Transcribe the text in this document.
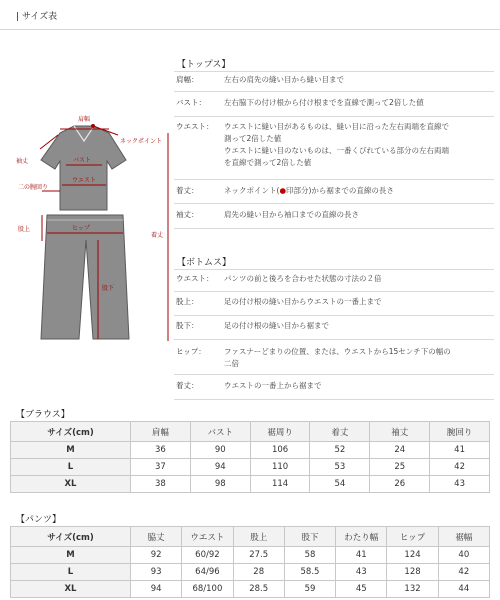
| サイズ表
肩幅
ネックポイント
袖丈	バスト
ウエスト
二の腕回り
ヒップ
股上
股下
着丈
【トップス】
肩幅：	左右の肩先の縫い目から縫い目まで
バスト： 左右脇下の付け根から付け根までを直線で測って2倍した値
ウエスト： ウエストに縫い目があるものは、縫い目に沿った左右両端を直線で
測って2倍した値
ウエストに縫い目のないものは、一番くびれている部分の左右両端
を直線で測って2倍した値
着丈：	ネックポイント(●印部分)から裾までの直線の長さ
袖丈：	肩先の縫い目から袖口までの直線の長さ
【ボトムス】
ウエスト： パンツの前と後ろを合わせた状態の寸法の２倍
股上：	足の付け根の縫い目からウエストの一番上まで
股下：	足の付け根の縫い目から裾まで
ヒップ： ファスナーどまりの位置、または、ウエストから15センチ下の幅の
二倍
着丈：	ウエストの一番上から裾まで
【ブラウス】
サイズ(cm)	肩幅	バスト	裾周り	着丈	袖丈	腕回り
M	36	90	106	52	24	41
L	37	94	110	53	25	42
XL	38	98	114	54	26	43
【パンツ】
サイズ(cm)	脇丈	ウエスト	股上	股下	わたり幅	ヒップ	裾幅
M	92	60/92	27.5	58	41	124	40
L	93	64/96	28	58.5	43	128	42
XL	94	68/100	28.5	59	45	132	44
